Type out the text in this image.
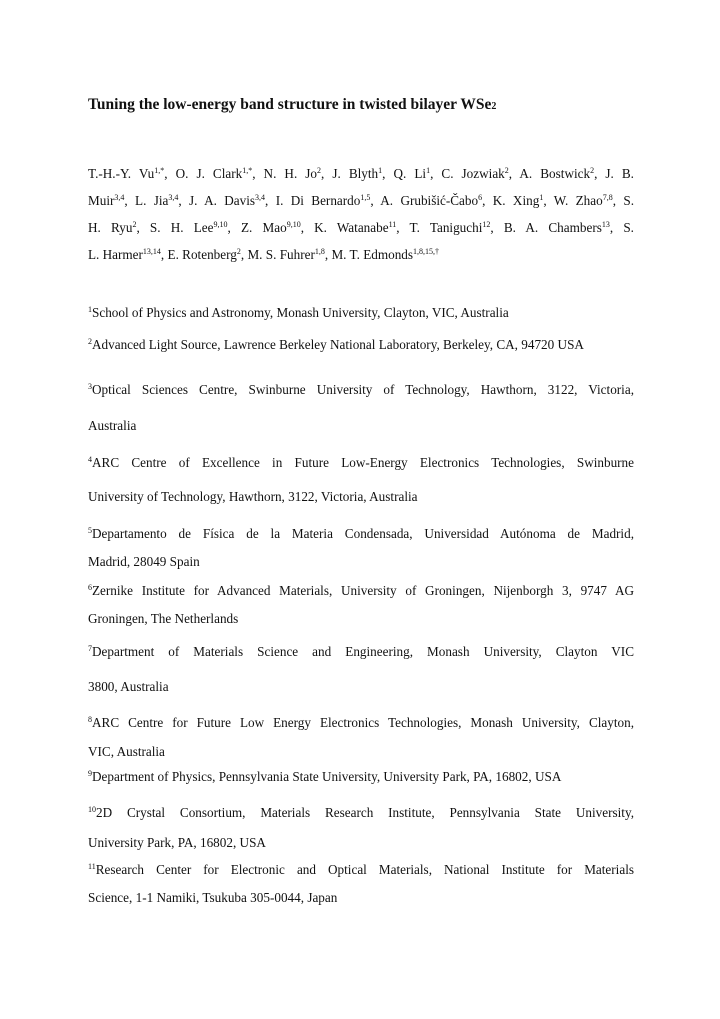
Tuning the low-energy band structure in twisted bilayer WSe2
T.-H.-Y. $Vu^{1,*}$, O. J. Clark$^{1,*}$, N. H. Jo$^2$, J. Blyth$^1$, Q. Li$^1$, C. Jozwiak$^2$, A. Bostwick$^2$, J. B.
Muir$^{3,4}$, L. Jia$^{3,4}$, J. A. Davis$^{3,4}$, I. Di Bernardo$^{1,5}$, A. Grubišić-Čabo$^6$, K. Xing$^1$, W. Zhao$^{7,8}$, S.
H. Ryu$^2$, S. H. Lee$^{9,10}$, Z. Mao$^{9,10}$, K. Watanabe$^{11}$, T. Taniguchi$^{12}$, B. A. Chambers$^{13}$, S.
L. Harmer$^{13,14}$, E. Rotenberg$^2$, M. S. Fuhrer$^{1,8}$, M. T. Edmonds$^{1,8,15,\dagger}$
$^1$School of Physics and Astronomy, Monash University, Clayton, VIC, Australia
$^2$Advanced Light Source, Lawrence Berkeley National Laboratory, Berkeley, CA, 94720 USA
$^3$Optical Sciences Centre, Swinburne University of Technology, Hawthorn, 3122, Victoria,
Australia
$^4$ARC Centre of Excellence in Future Low-Energy Electronics Technologies, Swinburne
University of Technology, Hawthorn, 3122, Victoria, Australia
$^5$Departamento de Física de la Materia Condensada, Universidad Autónoma de Madrid,
Madrid, 28049 Spain
$^6$Zernike Institute for Advanced Materials, University of Groningen, Nijenborgh 3, 9747 AG
Groningen, The Netherlands
$^7$Department of Materials Science and Engineering, Monash University, Clayton VIC
3800, Australia
$^8$ARC Centre for Future Low Energy Electronics Technologies, Monash University, Clayton,
VIC, Australia
$^9$Department of Physics, Pennsylvania State University, University Park, PA, 16802, USA
$^{10}$2D Crystal Consortium, Materials Research Institute, Pennsylvania State University,
University Park, PA, 16802, USA
$^{11}$Research Center for Electronic and Optical Materials, National Institute for Materials
Science, 1-1 Namiki, Tsukuba 305-0044, Japan
